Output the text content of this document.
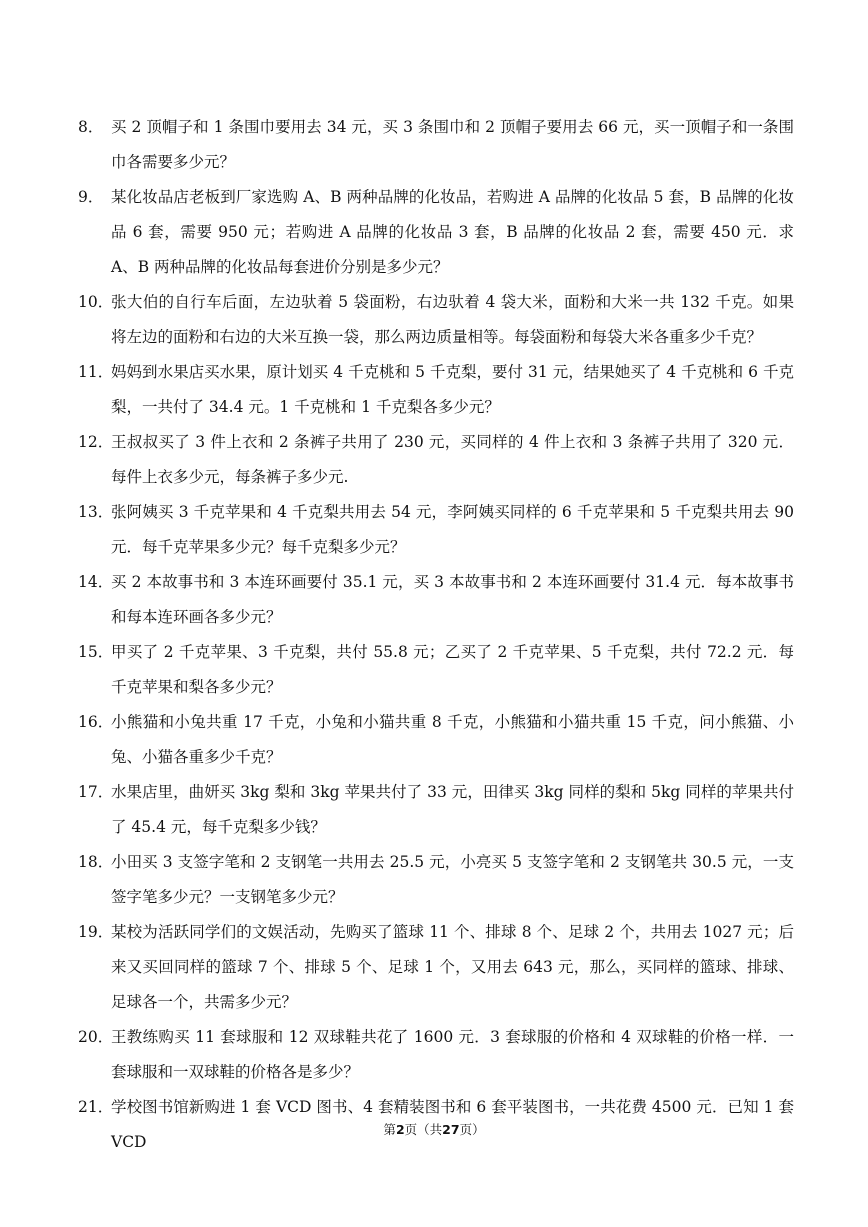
8． 买 2 顶帽子和 1 条围巾要用去 34 元，买 3 条围巾和 2 顶帽子要用去 66 元，买一顶帽子和一条围巾各需要多少元？
9． 某化妆品店老板到厂家选购 A、B 两种品牌的化妆品，若购进 A 品牌的化妆品 5 套，B 品牌的化妆品 6 套，需要 950 元；若购进 A 品牌的化妆品 3 套，B 品牌的化妆品 2 套，需要 450 元．求 A、B 两种品牌的化妆品每套进价分别是多少元？
10．
张大伯的自行车后面，左边驮着 5 袋面粉，右边驮着 4 袋大米，面粉和大米一共 132 千克。如果将左边的面粉和右边的大米互换一袋，那么两边质量相等。每袋面粉和每袋大米各重多少千克？
11．
妈妈到水果店买水果，原计划买 4 千克桃和 5 千克梨，要付 31 元，结果她买了 4 千克桃和 6 千克梨，一共付了 34.4 元。1 千克桃和 1 千克梨各多少元？
12．
王叔叔买了 3 件上衣和 2 条裤子共用了 230 元，买同样的 4 件上衣和 3 条裤子共用了 320 元．每件上衣多少元，每条裤子多少元.
13．
张阿姨买 3 千克苹果和 4 千克梨共用去 54 元，李阿姨买同样的 6 千克苹果和 5 千克梨共用去 90 元．每千克苹果多少元？每千克梨多少元？
14．
买 2 本故事书和 3 本连环画要付 35.1 元，买 3 本故事书和 2 本连环画要付 31.4 元．每本故事书和每本连环画各多少元？
15．
甲买了 2 千克苹果、3 千克梨，共付 55.8 元；乙买了 2 千克苹果、5 千克梨，共付 72.2 元．每千克苹果和梨各多少元？
16．
小熊猫和小兔共重 17 千克，小兔和小猫共重 8 千克，小熊猫和小猫共重 15 千克，问小熊猫、小兔、小猫各重多少千克？
17．
水果店里，曲妍买 3kg 梨和 3kg 苹果共付了 33 元，田律买 3kg 同样的梨和 5kg 同样的苹果共付了 45.4 元，每千克梨多少钱？
18．
小田买 3 支签字笔和 2 支钢笔一共用去 25.5 元，小亮买 5 支签字笔和 2 支钢笔共 30.5 元，一支签字笔多少元？一支钢笔多少元？
19．
某校为活跃同学们的文娱活动，先购买了篮球 11 个、排球 8 个、足球 2 个，共用去 1027 元；后来又买回同样的篮球 7 个、排球 5 个、足球 1 个，又用去 643 元，那么，买同样的篮球、排球、足球各一个，共需多少元？
20．
王教练购买 11 套球服和 12 双球鞋共花了 1600 元．3 套球服的价格和 4 双球鞋的价格一样．一套球服和一双球鞋的价格各是多少？
21．
学校图书馆新购进 1 套 VCD 图书、4 套精装图书和 6 套平装图书，一共花费 4500 元．已知 1 套 VCD
第2页（共27页）
